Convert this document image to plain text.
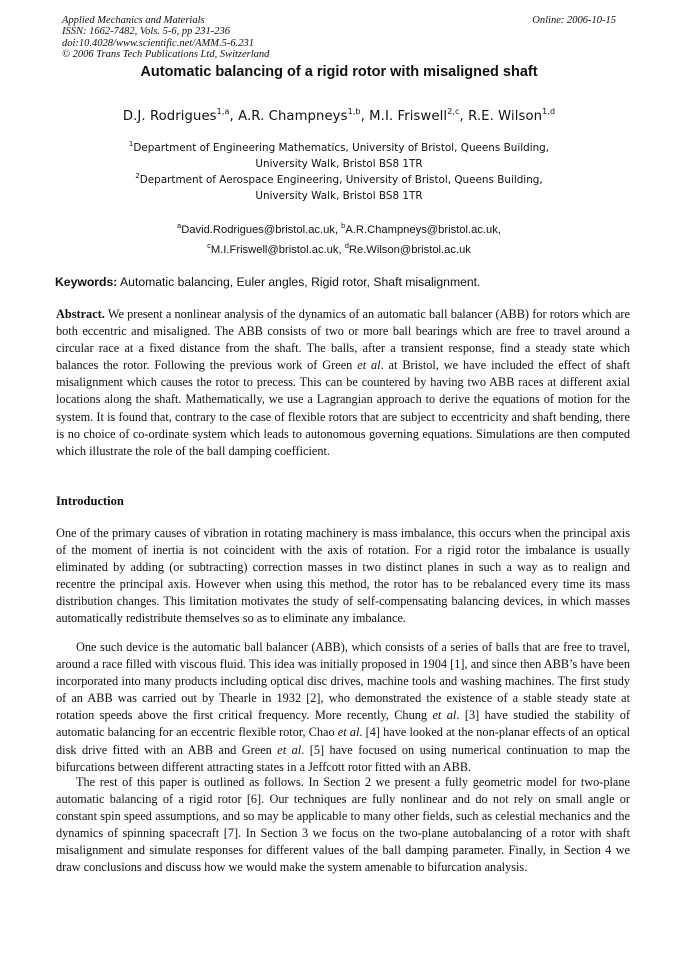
Applied Mechanics and Materials	Online: 2006-10-15
ISSN: 1662-7482, Vols. 5-6, pp 231-236
doi:10.4028/www.scientific.net/AMM.5-6.231
© 2006 Trans Tech Publications Ltd, Switzerland
Automatic balancing of a rigid rotor with misaligned shaft
D.J. Rodrigues$^{1,a}$, A.R. Champneys$^{1,b}$, M.I. Friswell$^{2,c}$, R.E. Wilson$^{1,d}$
$^1$Department of Engineering Mathematics, University of Bristol, Queens Building,
University Walk, Bristol BS8 1TR
$^2$Department of Aerospace Engineering, University of Bristol, Queens Building,
University Walk, Bristol BS8 1TR
$^a$David.Rodrigues@bristol.ac.uk, $^b$A.R.Champneys@bristol.ac.uk,
$^c$M.I.Friswell@bristol.ac.uk, $^d$Re.Wilson@bristol.ac.uk
Keywords: Automatic balancing, Euler angles, Rigid rotor, Shaft misalignment.
Abstract. We present a nonlinear analysis of the dynamics of an automatic ball balancer (ABB) for rotors which are both eccentric and misaligned. The ABB consists of two or more ball bearings which are free to travel around a circular race at a fixed distance from the shaft. The balls, after a transient response, find a steady state which balances the rotor. Following the previous work of Green et al. at Bristol, we have included the effect of shaft misalignment which causes the rotor to precess. This can be countered by having two ABB races at different axial locations along the shaft. Mathematically, we use a Lagrangian approach to derive the equations of motion for the system. It is found that, contrary to the case of flexible rotors that are subject to eccentricity and shaft bending, there is no choice of co-ordinate system which leads to autonomous governing equations. Simulations are then computed which illustrate the role of the ball damping coefficient.
Introduction
One of the primary causes of vibration in rotating machinery is mass imbalance, this occurs when the principal axis of the moment of inertia is not coincident with the axis of rotation. For a rigid rotor the imbalance is usually eliminated by adding (or subtracting) correction masses in two distinct planes in such a way as to realign and recentre the principal axis. However when using this method, the rotor has to be rebalanced every time its mass distribution changes. This limitation motivates the study of self-compensating balancing devices, in which masses automatically redistribute themselves so as to eliminate any imbalance.
One such device is the automatic ball balancer (ABB), which consists of a series of balls that are free to travel, around a race filled with viscous fluid. This idea was initially proposed in 1904 [1], and since then ABB’s have been incorporated into many products including optical disc drives, machine tools and washing machines. The first study of an ABB was carried out by Thearle in 1932 [2], who demonstrated the existence of a stable steady state at rotation speeds above the first critical frequency. More recently, Chung et al. [3] have studied the stability of automatic balancing for an eccentric flexible rotor, Chao et al. [4] have looked at the non-planar effects of an optical disk drive fitted with an ABB and Green et al. [5] have focused on using numerical continuation to map the bifurcations between different attracting states in a Jeffcott rotor fitted with an ABB.
The rest of this paper is outlined as follows. In Section 2 we present a fully geometric model for two-plane automatic balancing of a rigid rotor [6]. Our techniques are fully nonlinear and do not rely on small angle or constant spin speed assumptions, and so may be applicable to many other fields, such as celestial mechanics and the dynamics of spinning spacecraft [7]. In Section 3 we focus on the two-plane autobalancing of a rotor with shaft misalignment and simulate responses for different values of the ball damping parameter. Finally, in Section 4 we draw conclusions and discuss how we would make the system amenable to bifurcation analysis.
